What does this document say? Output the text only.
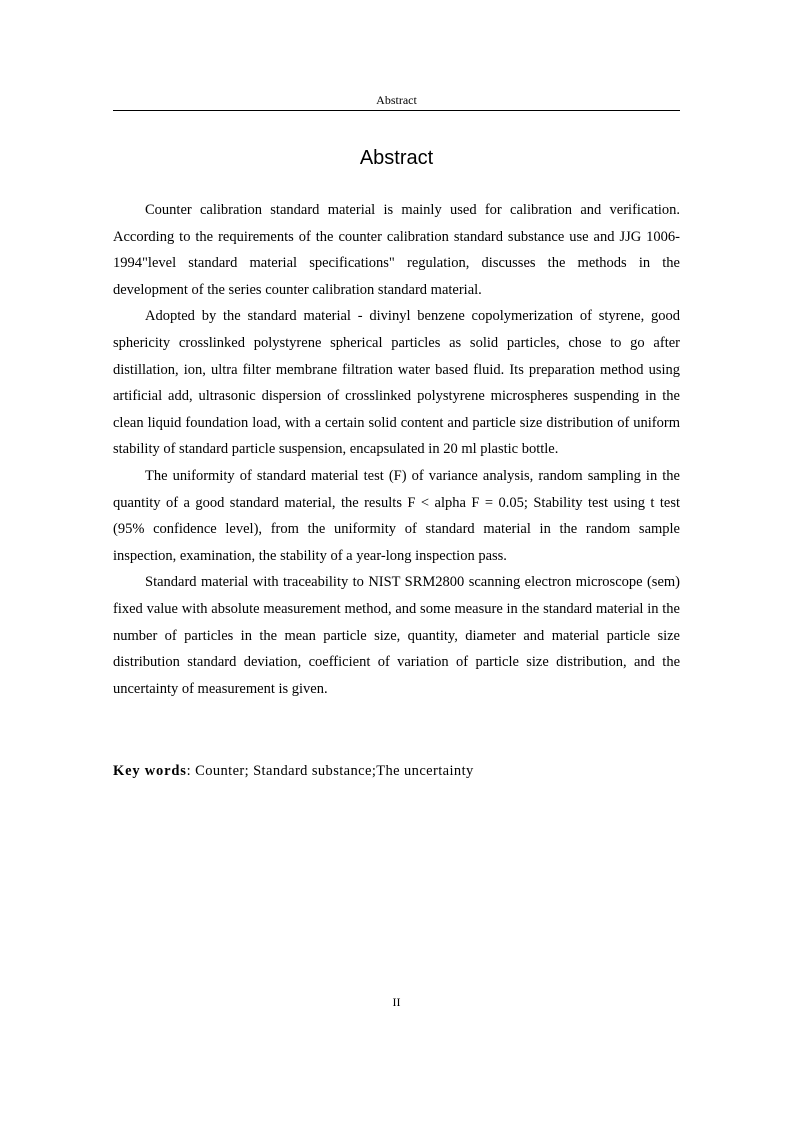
Abstract
Abstract

Counter calibration standard material is mainly used for calibration and verification. According to the requirements of the counter calibration standard substance use and JJG 1006-1994"level standard material specifications" regulation, discusses the methods in the development of the series counter calibration standard material.

Adopted by the standard material - divinyl benzene copolymerization of styrene, good sphericity crosslinked polystyrene spherical particles as solid particles, chose to go after distillation, ion, ultra filter membrane filtration water based fluid. Its preparation method using artificial add, ultrasonic dispersion of crosslinked polystyrene microspheres suspending in the clean liquid foundation load, with a certain solid content and particle size distribution of uniform stability of standard particle suspension, encapsulated in 20 ml plastic bottle.

The uniformity of standard material test (F) of variance analysis, random sampling in the quantity of a good standard material, the results F < alpha F = 0.05; Stability test using t test (95% confidence level), from the uniformity of standard material in the random sample inspection, examination, the stability of a year-long inspection pass.

Standard material with traceability to NIST SRM2800 scanning electron microscope (sem) fixed value with absolute measurement method, and some measure in the standard material in the number of particles in the mean particle size, quantity, diameter and material particle size distribution standard deviation, coefficient of variation of particle size distribution, and the uncertainty of measurement is given.

Key words: Counter; Standard substance;The uncertainty

II
